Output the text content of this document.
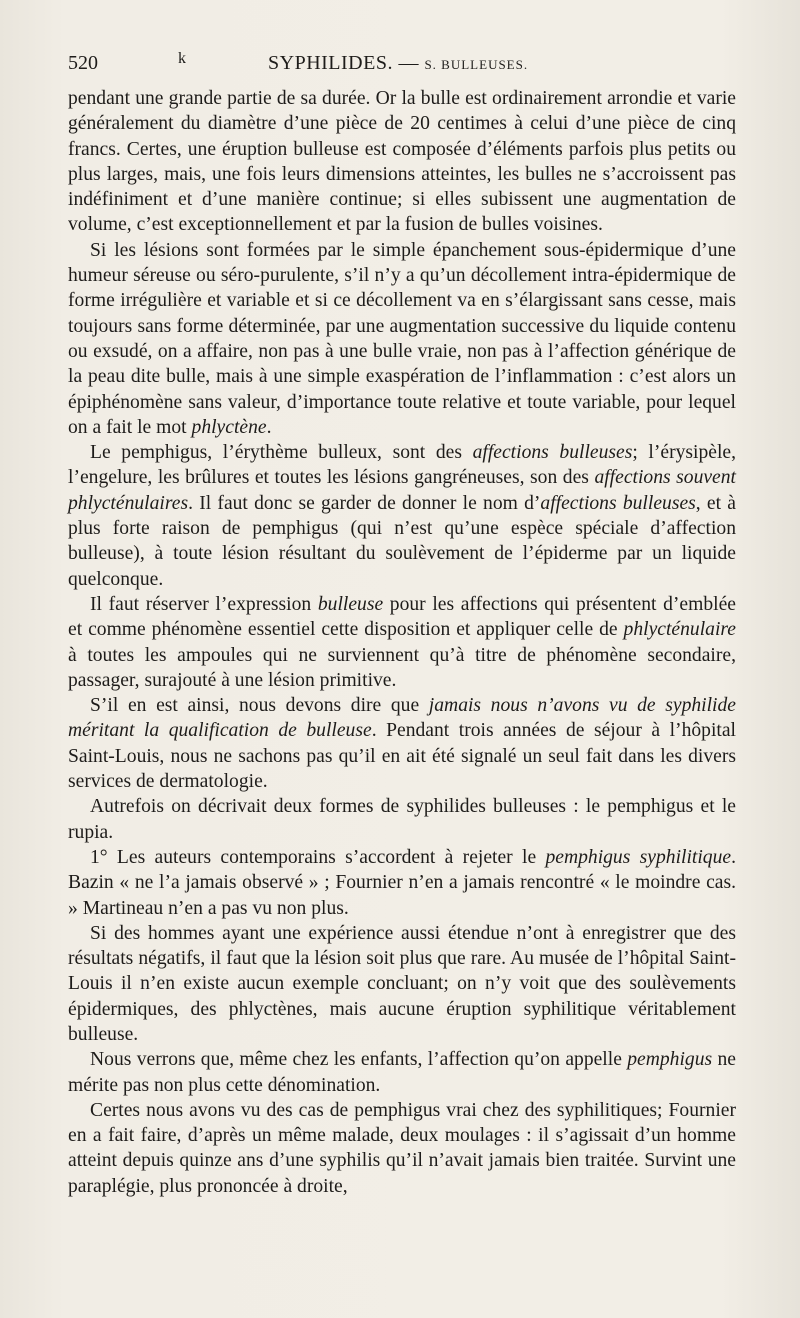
520	k	SYPHILIDES. — S. BULLEUSES.

pendant une grande partie de sa durée. Or la bulle est ordinairement arrondie et varie généralement du diamètre d’une pièce de 20 centimes à celui d’une pièce de cinq francs. Certes, une éruption bulleuse est composée d’éléments parfois plus petits ou plus larges, mais, une fois leurs dimensions atteintes, les bulles ne s’accroissent pas indéfiniment et d’une manière continue; si elles subissent une augmentation de volume, c’est exceptionnellement et par la fusion de bulles voisines.

Si les lésions sont formées par le simple épanchement sous-épidermique d’une humeur séreuse ou séro-purulente, s’il n’y a qu’un décollement intra-épidermique de forme irrégulière et variable et si ce décollement va en s’élargissant sans cesse, mais toujours sans forme déterminée, par une augmentation successive du liquide contenu ou exsudé, on a affaire, non pas à une bulle vraie, non pas à l’affection générique de la peau dite bulle, mais à une simple exaspération de l’inflammation : c’est alors un épiphénomène sans valeur, d’importance toute relative et toute variable, pour lequel on a fait le mot phlyctène.

Le pemphigus, l’érythème bulleux, sont des affections bulleuses; l’érysipèle, l’engelure, les brûlures et toutes les lésions gangréneuses, son des affections souvent phlycténulaires. Il faut donc se garder de donner le nom d’affections bulleuses, et à plus forte raison de pemphigus (qui n’est qu’une espèce spéciale d’affection bulleuse), à toute lésion résultant du soulèvement de l’épiderme par un liquide quelconque.

Il faut réserver l’expression bulleuse pour les affections qui présentent d’emblée et comme phénomène essentiel cette disposition et appliquer celle de phlycténulaire à toutes les ampoules qui ne surviennent qu’à titre de phénomène secondaire, passager, surajouté à une lésion primitive.

S’il en est ainsi, nous devons dire que jamais nous n’avons vu de syphilide méritant la qualification de bulleuse. Pendant trois années de séjour à l’hôpital Saint-Louis, nous ne sachons pas qu’il en ait été signalé un seul fait dans les divers services de dermatologie.

Autrefois on décrivait deux formes de syphilides bulleuses : le pemphigus et le rupia.

1° Les auteurs contemporains s’accordent à rejeter le pemphigus syphilitique. Bazin « ne l’a jamais observé » ; Fournier n’en a jamais rencontré « le moindre cas. » Martineau n’en a pas vu non plus.

Si des hommes ayant une expérience aussi étendue n’ont à enregistrer que des résultats négatifs, il faut que la lésion soit plus que rare. Au musée de l’hôpital Saint-Louis il n’en existe aucun exemple concluant; on n’y voit que des soulèvements épidermiques, des phlyctènes, mais aucune éruption syphilitique véritablement bulleuse.

Nous verrons que, même chez les enfants, l’affection qu’on appelle pemphigus ne mérite pas non plus cette dénomination.

Certes nous avons vu des cas de pemphigus vrai chez des syphilitiques; Fournier en a fait faire, d’après un même malade, deux moulages : il s’agissait d’un homme atteint depuis quinze ans d’une syphilis qu’il n’avait jamais bien traitée. Survint une paraplégie, plus prononcée à droite,
